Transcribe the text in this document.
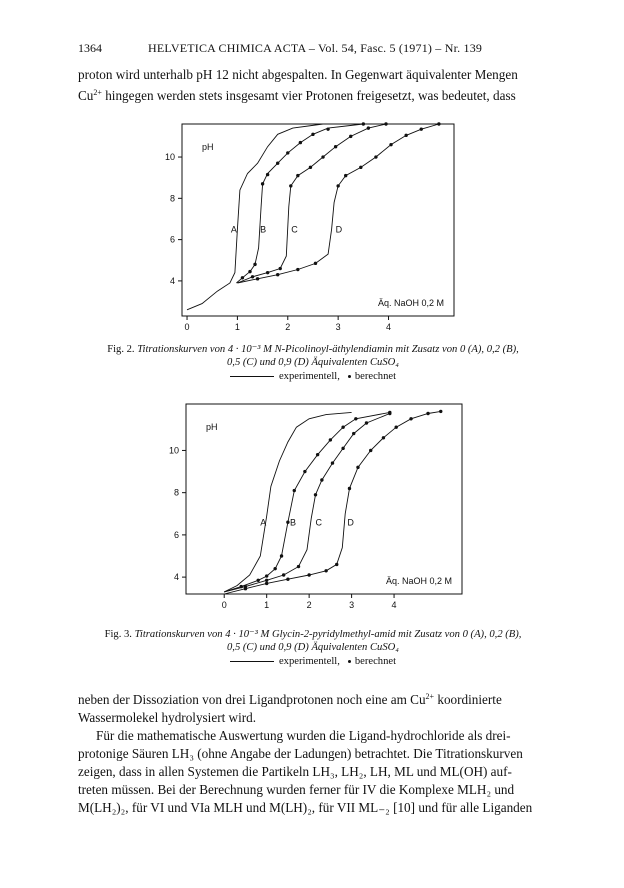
1364	HELVETICA CHIMICA ACTA – Vol. 54, Fasc. 5 (1971) – Nr. 139
proton wird unterhalb pH 12 nicht abgespalten. In Gegenwart äquivalenter Mengen
$Cu^{2+}$ hingegen werden stets insgesamt vier Protonen freigesetzt, was bedeutet, dass
4
6
8
10
0	1	2	3	4
pH
Äq. NaOH 0,2 M
A	B	C	D
Fig. 2. Titrationskurven von 4 · 10⁻³ M N-Picolinoyl-äthylendiamin mit Zusatz von 0 (A), 0,2 (B),
0,5 (C) und 0,9 (D) Äquivalenten CuSO₄
experimentell, berechnet
4
6
8
10
0	1	2	3	4
pH
Äq. NaOH 0,2 M
A	B C	D
Fig. 3. Titrationskurven von 4 · 10⁻³ M Glycin-2-pyridylmethyl-amid mit Zusatz von 0 (A), 0,2 (B),
0,5 (C) und 0,9 (D) Äquivalenten CuSO₄
experimentell, berechnet
neben der Dissoziation von drei Ligandprotonen noch eine am $Cu^{2+}$ koordinierte
Wassermolekel hydrolysiert wird.
Für die mathematische Auswertung wurden die Ligand-hydrochloride als drei-
protonige Säuren LH₃ (ohne Angabe der Ladungen) betrachtet. Die Titrationskurven
zeigen, dass in allen Systemen die Partikeln LH₃, LH₂, LH, ML und ML(OH) auf-
treten müssen. Bei der Berechnung wurden ferner für IV die Komplexe MLH₂ und
M(LH₂)₂, für VI und VIa MLH und M(LH)₂, für VII ML₋₂ [10] und für alle Liganden
